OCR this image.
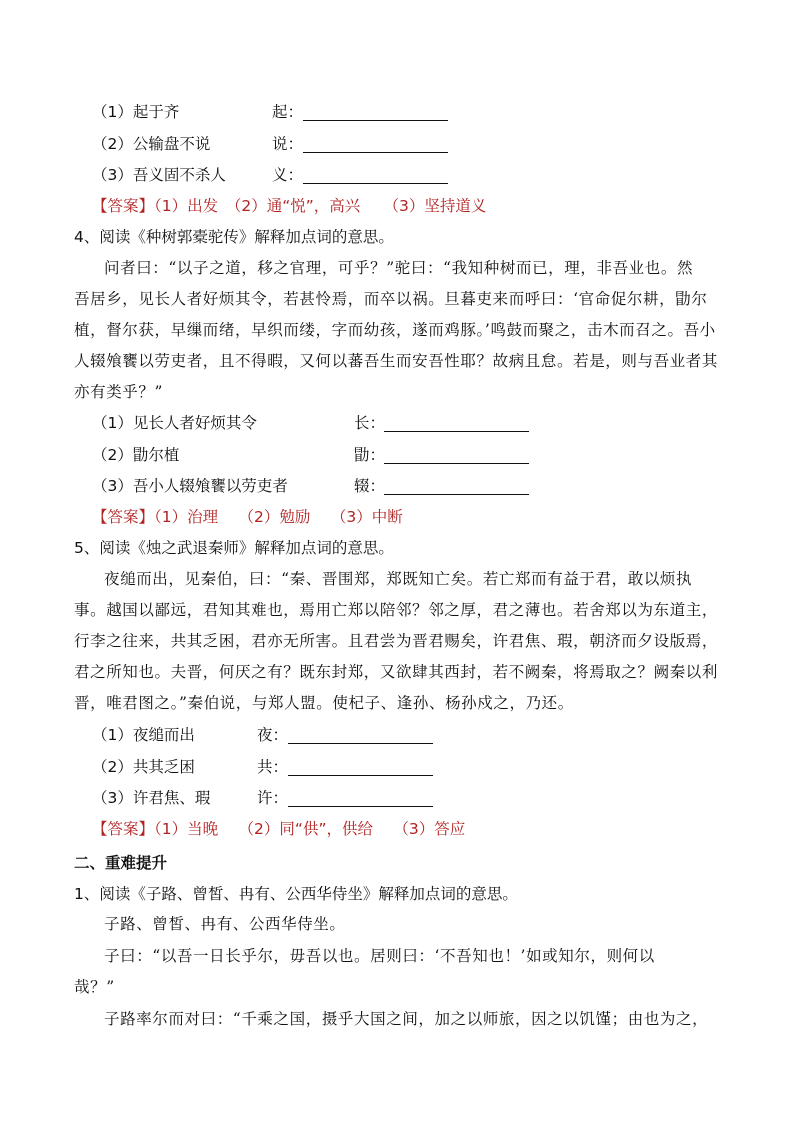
（1）起于齐	起：
（2）公输盘不说	说：
（3）吾义固不杀人	义：
【答案】（1）出发　（2）通“悦”，高兴　　（3）坚持道义
4、阅读《种树郭橐驼传》解释加点词的意思。
问者曰：“以子之道，移之官理，可乎？”驼曰：“我知种树而已，理，非吾业也。然
吾居乡，见长人者好烦其令，若甚怜焉，而卒以祸。旦暮吏来而呼曰：‘官命促尔耕，勖尔
植，督尔获，早缫而绪，早织而缕，字而幼孩，遂而鸡豚。’鸣鼓而聚之，击木而召之。吾小
人辍飧饔以劳吏者，且不得暇，又何以蕃吾生而安吾性耶？故病且怠。若是，则与吾业者其
亦有类乎？”
（1）见长人者好烦其令	长：
（2）勖尔植	勖：
（3）吾小人辍飧饔以劳吏者	辍：
【答案】（1）治理　 （2）勉励　 （3）中断
5、阅读《烛之武退秦师》解释加点词的意思。
夜缒而出，见秦伯，曰：“秦、晋围郑，郑既知亡矣。若亡郑而有益于君，敢以烦执
事。越国以鄙远，君知其难也，焉用亡郑以陪邻？邻之厚，君之薄也。若舍郑以为东道主，
行李之往来，共其乏困，君亦无所害。且君尝为晋君赐矣，许君焦、瑕，朝济而夕设版焉，
君之所知也。夫晋，何厌之有？既东封郑，又欲肆其西封，若不阙秦，将焉取之？阙秦以利
晋，唯君图之。”秦伯说，与郑人盟。使杞子、逢孙、杨孙戍之，乃还。
（1）夜缒而出	夜：
（2）共其乏困	共：
（3）许君焦、瑕	许：
【答案】（1）当晚　 （2）同“供”，供给　 （3）答应
二、重难提升
1、阅读《子路、曾皙、冉有、公西华侍坐》解释加点词的意思。
子路、曾皙、冉有、公西华侍坐。
子曰：“以吾一日长乎尔，毋吾以也。居则曰：‘不吾知也！’如或知尔，则何以
哉？”
子路率尔而对曰：“千乘之国，摄乎大国之间，加之以师旅，因之以饥馑；由也为之，
